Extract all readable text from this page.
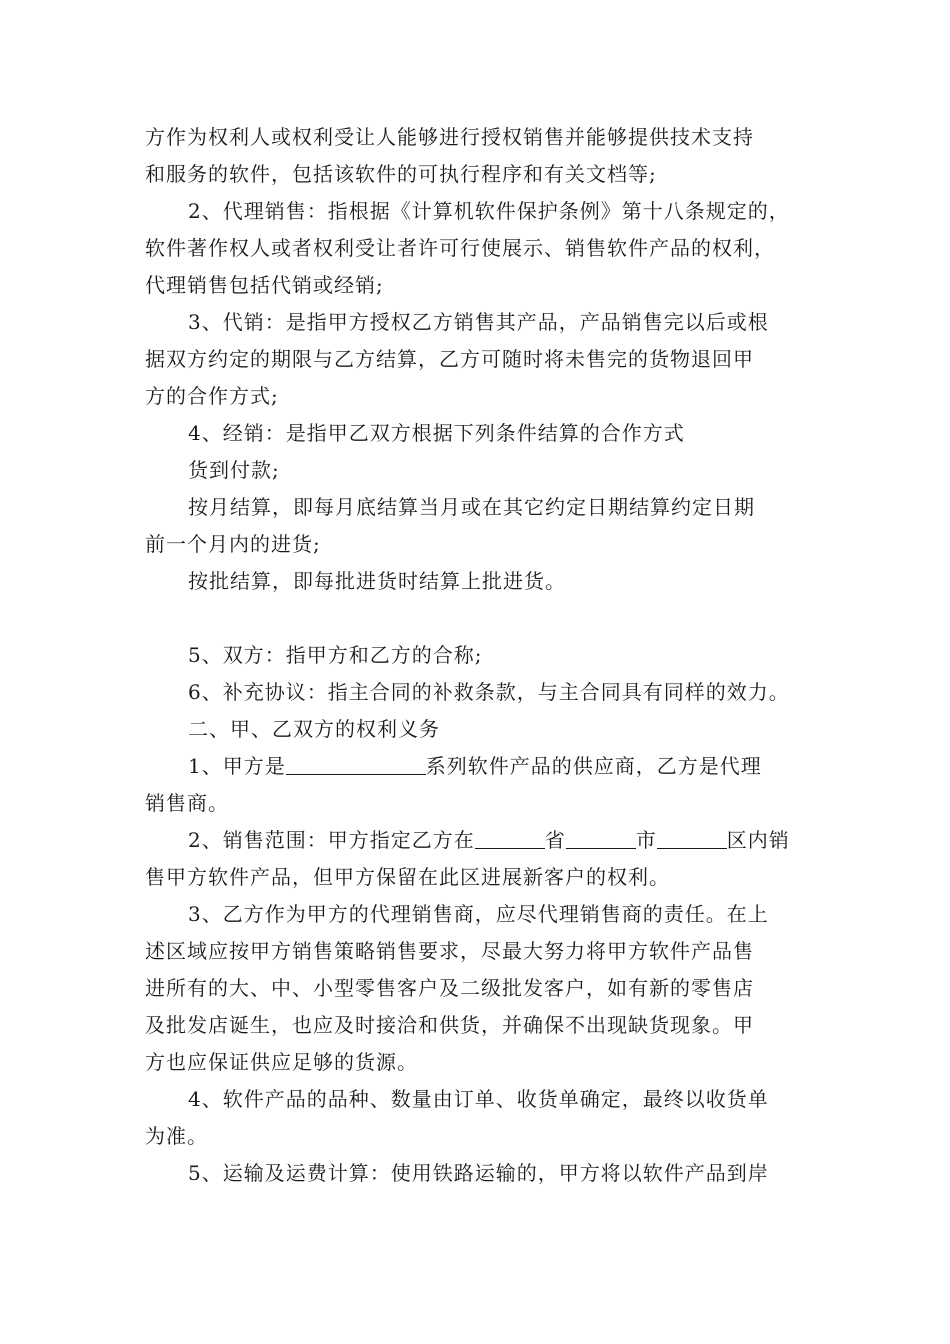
方作为权利人或权利受让人能够进行授权销售并能够提供技术支持
和服务的软件，包括该软件的可执行程序和有关文档等;
2、代理销售：指根据《计算机软件保护条例》第十八条规定的，
软件著作权人或者权利受让者许可行使展示、销售软件产品的权利，
代理销售包括代销或经销;
3、代销：是指甲方授权乙方销售其产品，产品销售完以后或根
据双方约定的期限与乙方结算，乙方可随时将未售完的货物退回甲
方的合作方式;
4、经销：是指甲乙双方根据下列条件结算的合作方式
货到付款;
按月结算，即每月底结算当月或在其它约定日期结算约定日期
前一个月内的进货;
按批结算，即每批进货时结算上批进货。
5、双方：指甲方和乙方的合称;
6、补充协议：指主合同的补救条款，与主合同具有同样的效力。
二、甲、乙双方的权利义务
1、甲方是	系列软件产品的供应商，乙方是代理
销售商。
2、销售范围：甲方指定乙方在	省	市	区内销
售甲方软件产品，但甲方保留在此区进展新客户的权利。
3、乙方作为甲方的代理销售商，应尽代理销售商的责任。在上
述区域应按甲方销售策略销售要求，尽最大努力将甲方软件产品售
进所有的大、中、小型零售客户及二级批发客户，如有新的零售店
及批发店诞生，也应及时接洽和供货，并确保不出现缺货现象。甲
方也应保证供应足够的货源。
4、软件产品的品种、数量由订单、收货单确定，最终以收货单
为准。
5、运输及运费计算：使用铁路运输的，甲方将以软件产品到岸
